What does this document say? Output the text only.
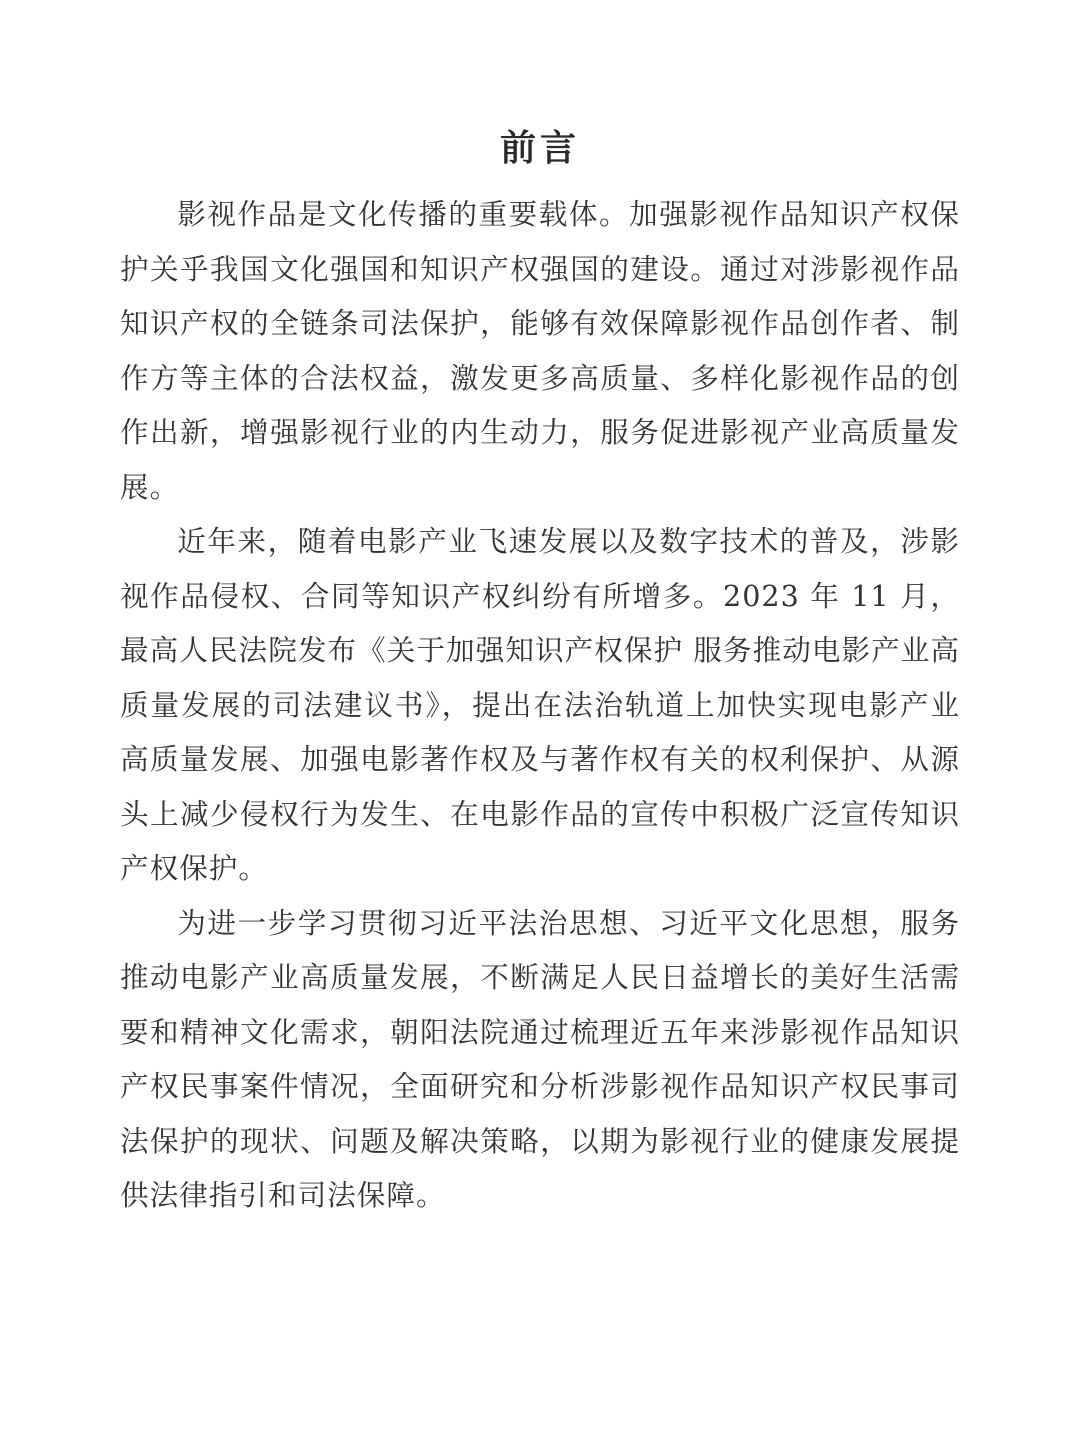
前言

影视作品是文化传播的重要载体。加强影视作品知识产权保护关乎我国文化强国和知识产权强国的建设。通过对涉影视作品知识产权的全链条司法保护，能够有效保障影视作品创作者、制作方等主体的合法权益，激发更多高质量、多样化影视作品的创作出新，增强影视行业的内生动力，服务促进影视产业高质量发展。

近年来，随着电影产业飞速发展以及数字技术的普及，涉影视作品侵权、合同等知识产权纠纷有所增多。2023 年 11 月，最高人民法院发布《关于加强知识产权保护 服务推动电影产业高质量发展的司法建议书》，提出在法治轨道上加快实现电影产业高质量发展、加强电影著作权及与著作权有关的权利保护、从源头上减少侵权行为发生、在电影作品的宣传中积极广泛宣传知识产权保护。

为进一步学习贯彻习近平法治思想、习近平文化思想，服务推动电影产业高质量发展，不断满足人民日益增长的美好生活需要和精神文化需求，朝阳法院通过梳理近五年来涉影视作品知识产权民事案件情况，全面研究和分析涉影视作品知识产权民事司法保护的现状、问题及解决策略，以期为影视行业的健康发展提供法律指引和司法保障。
